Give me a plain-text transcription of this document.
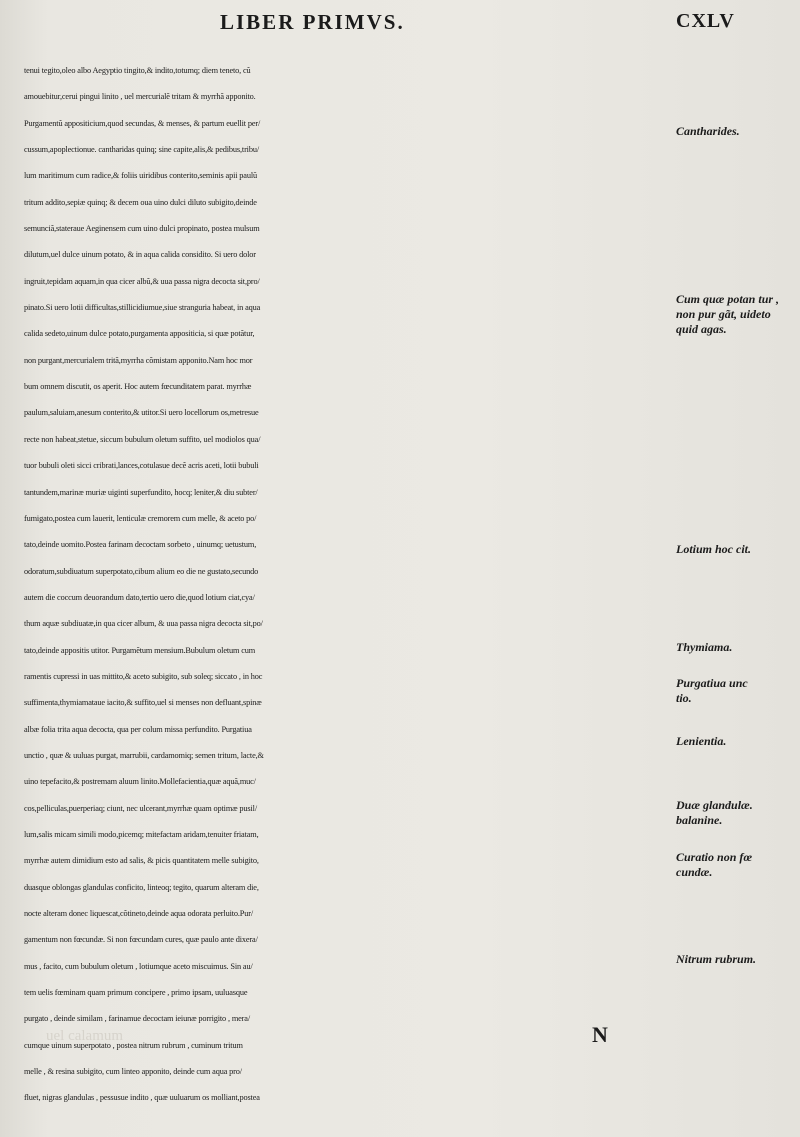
LIBER PRIMVS.	CXLV
tenui tegito,oleo albo Aegyptio tingito,& indito,totumq; diem teneto, cũ
amouebitur,cerui pingui linito , uel mercurialẽ tritam & myrrhã apponito.
Purgamentũ appositicium,quod secundas, & menses, & partum euellit per/
cussum,apoplectionue. cantharidas quinq; sine capite,alis,& pedibus,tribu/
lum maritimum cum radice,& foliis uiridibus conterito,seminis apii paulũ
tritum addito,sepiæ quinq; & decem oua uino dulci diluto subigito,deinde
semunciã,stateraue Aeginensem cum uino dulci propinato, postea mulsum
dilutum,uel dulce uinum potato, & in aqua calida considito. Si uero dolor
ingruit,tepidam aquam,in qua cicer albũ,& uua passa nigra decocta sit,pro/
pinato.Si uero lotii difficultas,stillicidiumue,siue stranguria habeat, in aqua
calida sedeto,uinum dulce potato,purgamenta appositicia, si quæ potãtur,
non purgant,mercurialem tritã,myrrha cõmistam apponito.Nam hoc mor
bum omnem discutit, os aperit. Hoc autem fœcunditatem parat. myrrhæ
paulum,saluiam,anesum conterito,& utitor.Si uero locellorum os,metresue
recte non habeat,stetue, siccum bubulum oletum suffito, uel modiolos qua/
tuor bubuli oleti sicci cribrati,lances,cotulasue decẽ acris aceti, lotii bubuli
tantundem,marinæ muriæ uiginti superfundito, hocq; leniter,& diu subter/
fumigato,postea cum lauerit, lenticulæ cremorem cum melle, & aceto po/
tato,deinde uomito.Postea farinam decoctam sorbeto , uinumq; uetustum,
odoratum,subdiuatum superpotato,cibum alium eo die ne gustato,secundo
autem die coccum deuorandum dato,tertio uero die,quod lotium ciat,cya/
thum aquæ subdiuatæ,in qua cicer album, & uua passa nigra decocta sit,po/
tato,deinde appositis utitor. Purgamẽtum mensium.Bubulum oletum cum
ramentis cupressi in uas mittito,& aceto subigito, sub soleq; siccato , in hoc
suffimenta,thymiamataue iacito,& suffito,uel si menses non defluant,spinæ
albæ folia trita aqua decocta, qua per colum missa perfundito. Purgatiua
unctio , quæ & uuluas purgat, marrubii, cardamomiq; semen tritum, lacte,&
uino tepefacito,& postremam aluum linito.Mollefacientia,quæ aquã,muc/
cos,pelliculas,puerperiaq; ciunt, nec ulcerant,myrrhæ quam optimæ pusil/
lum,salis micam simili modo,picemq; mitefactam aridam,tenuiter friatam,
myrrhæ autem dimidium esto ad salis, & picis quantitatem melle subigito,
duasque oblongas glandulas conficito, linteoq; tegito, quarum alteram die,
nocte alteram donec liquescat,cõtineto,deinde aqua odorata perluito.Pur/
gamentum non fœcundæ. Si non fœcundam cures, quæ paulo ante dixera/
mus , facito, cum bubulum oletum , lotiumque aceto miscuimus. Sin au/
tem uelis fœminam quam primum concipere , primo ipsam, uuluasque
purgato , deinde similam , farinamue decoctam ieiunæ porrigito , mera/
cumque uinum superpotato , postea nitrum rubrum , cuminum tritum
melle , & resina subigito, cum linteo apponito, deinde cum aqua pro/
fluet, nigras glandulas , pessusue indito , quæ uuluarum os molliant,postea
Cantharides.
Cum quæ potan tur , non pur gãt, uideto quid agas.
Lotium hoc cit.
Thymiama.
Purgatiua unc tio.
Lenientia.
Duæ glandulæ. balanine.
Curatio non fœ cundæ.
Nitrum rubrum.
uel calamum	N
